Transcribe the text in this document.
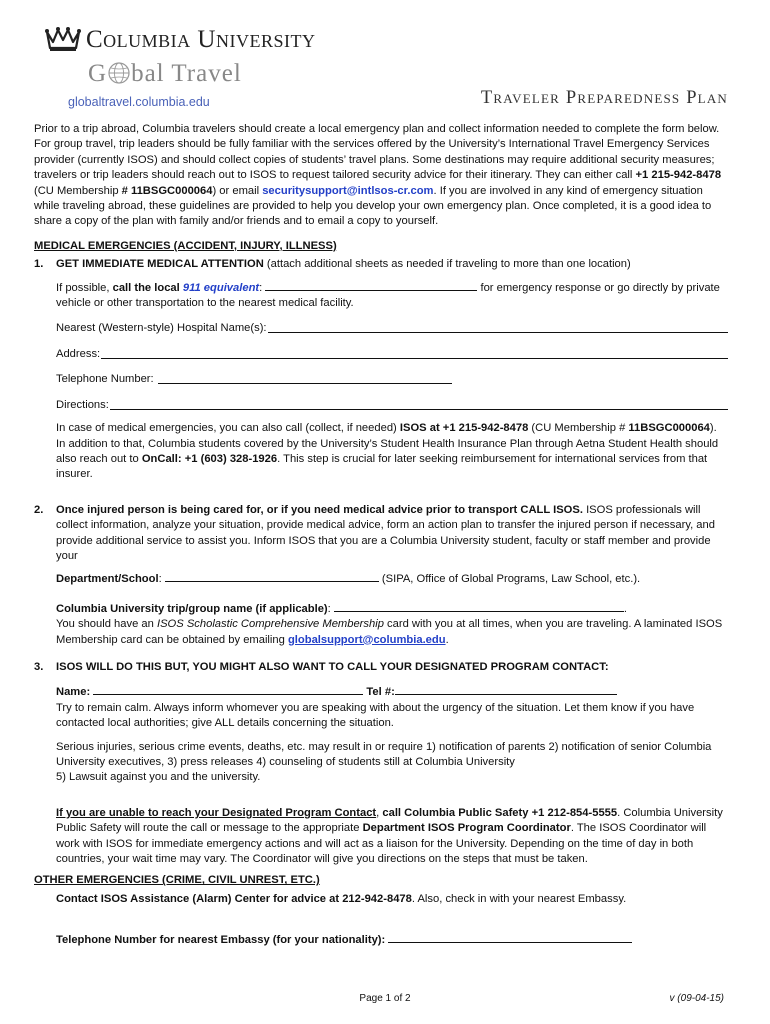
Columbia University
G bal Travel
globaltravel.columbia.edu	Traveler Preparedness Plan

Prior to a trip abroad, Columbia travelers should create a local emergency plan and collect information needed to complete the form below. For group travel, trip leaders should be fully familiar with the services offered by the University’s International Travel Emergency Services provider (currently ISOS) and should collect copies of students’ travel plans. Some destinations may require additional security measures; travelers or trip leaders should reach out to ISOS to request tailored security advice for their itinerary. They can either call +1 215-942-8478 (CU Membership # 11BSGC000064) or email securitysupport@intlsos-cr.com. If you are involved in any kind of emergency situation while traveling abroad, these guidelines are provided to help you develop your own emergency plan. Once completed, it is a good idea to share a copy of the plan with family and/or friends and to email a copy to yourself.

MEDICAL EMERGENCIES (ACCIDENT, INJURY, ILLNESS)
1. GET IMMEDIATE MEDICAL ATTENTION (attach additional sheets as needed if traveling to more than one location)

If possible, call the local 911 equivalent:	for emergency response or go directly by private vehicle or other transportation to the nearest medical facility.

Nearest (Western-style) Hospital Name(s):
Address:
Telephone Number:
Directions:

In case of medical emergencies, you can also call (collect, if needed) ISOS at +1 215-942-8478 (CU Membership # 11BSGC000064). In addition to that, Columbia students covered by the University’s Student Health Insurance Plan through Aetna Student Health should also reach out to OnCall: +1 (603) 328-1926. This step is crucial for later seeking reimbursement for international services from that insurer.

2. Once injured person is being cared for, or if you need medical advice prior to transport CALL ISOS. ISOS professionals will collect information, analyze your situation, provide medical advice, form an action plan to transfer the injured person if necessary, and provide additional service to assist you. Inform ISOS that you are a Columbia University student, faculty or staff member and provide your

Department/School:	(SIPA, Office of Global Programs, Law School, etc.).

Columbia University trip/group name (if applicable):	.

You should have an ISOS Scholastic Comprehensive Membership card with you at all times, when you are traveling. A laminated ISOS Membership card can be obtained by emailing globalsupport@columbia.edu.

3. ISOS WILL DO THIS BUT, YOU MIGHT ALSO WANT TO CALL YOUR DESIGNATED PROGRAM CONTACT:

Name:	Tel #:

Try to remain calm. Always inform whomever you are speaking with about the urgency of the situation. Let them know if you have contacted local authorities; give ALL details concerning the situation.

Serious injuries, serious crime events, deaths, etc. may result in or require 1) notification of parents 2) notification of senior Columbia University executives, 3) press releases 4) counseling of students still at Columbia University

5) Lawsuit against you and the university.

If you are unable to reach your Designated Program Contact, call Columbia Public Safety +1 212-854-5555. Columbia University Public Safety will route the call or message to the appropriate Department ISOS Program Coordinator. The ISOS Coordinator will work with ISOS for immediate emergency actions and will act as a liaison for the University. Depending on the time of day in both countries, your wait time may vary. The Coordinator will give you directions on the steps that must be taken.

OTHER EMERGENCIES (CRIME, CIVIL UNREST, ETC.)

Contact ISOS Assistance (Alarm) Center for advice at 212-942-8478. Also, check in with your nearest Embassy.

Telephone Number for nearest Embassy (for your nationality):

Page 1 of 2	v (09-04-15)
